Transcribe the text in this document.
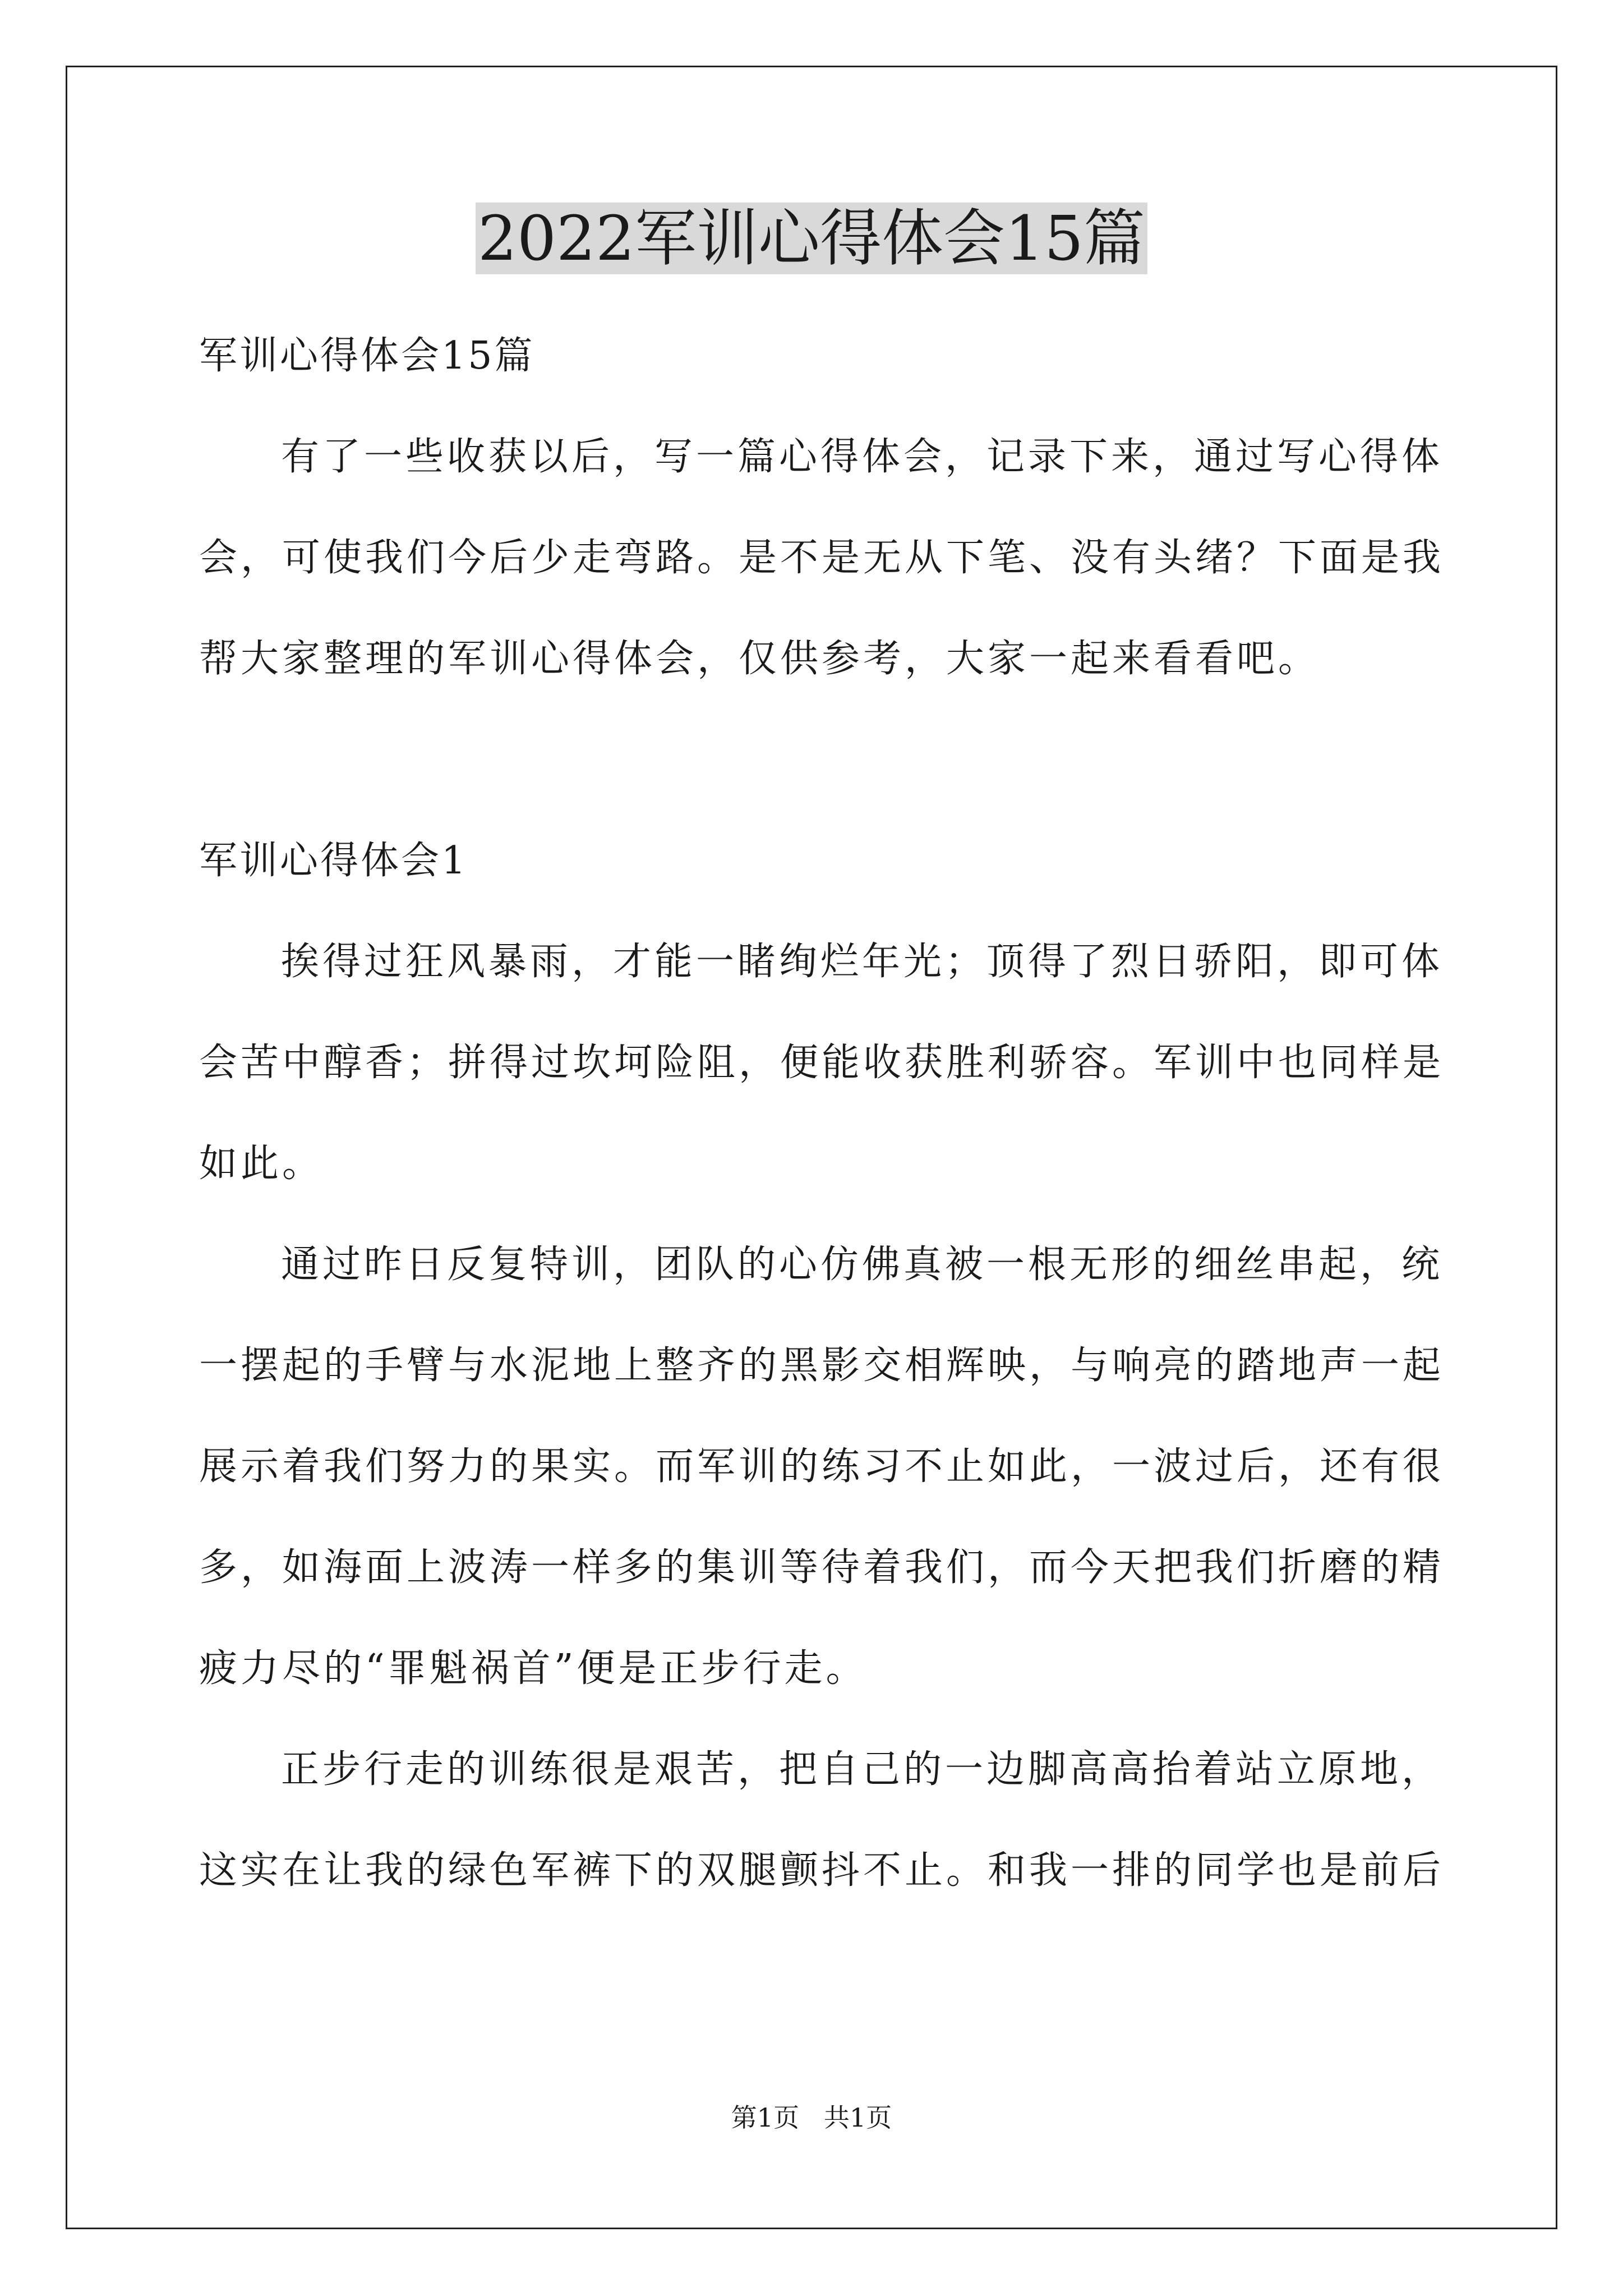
2022军训心得体会15篇

军训心得体会15篇

有了一些收获以后，写一篇心得体会，记录下来，通过写心得体

会，可使我们今后少走弯路。是不是无从下笔、没有头绪？下面是我

帮大家整理的军训心得体会，仅供参考，大家一起来看看吧。

军训心得体会1

挨得过狂风暴雨，才能一睹绚烂年光；顶得了烈日骄阳，即可体

会苦中醇香；拼得过坎坷险阻，便能收获胜利骄容。军训中也同样是

如此。

通过昨日反复特训，团队的心仿佛真被一根无形的细丝串起，统

一摆起的手臂与水泥地上整齐的黑影交相辉映，与响亮的踏地声一起

展示着我们努力的果实。而军训的练习不止如此，一波过后，还有很

多，如海面上波涛一样多的集训等待着我们，而今天把我们折磨的精

疲力尽的“罪魁祸首”便是正步行走。

正步行走的训练很是艰苦，把自己的一边脚高高抬着站立原地，

这实在让我的绿色军裤下的双腿颤抖不止。和我一排的同学也是前后

第1页   共1页
